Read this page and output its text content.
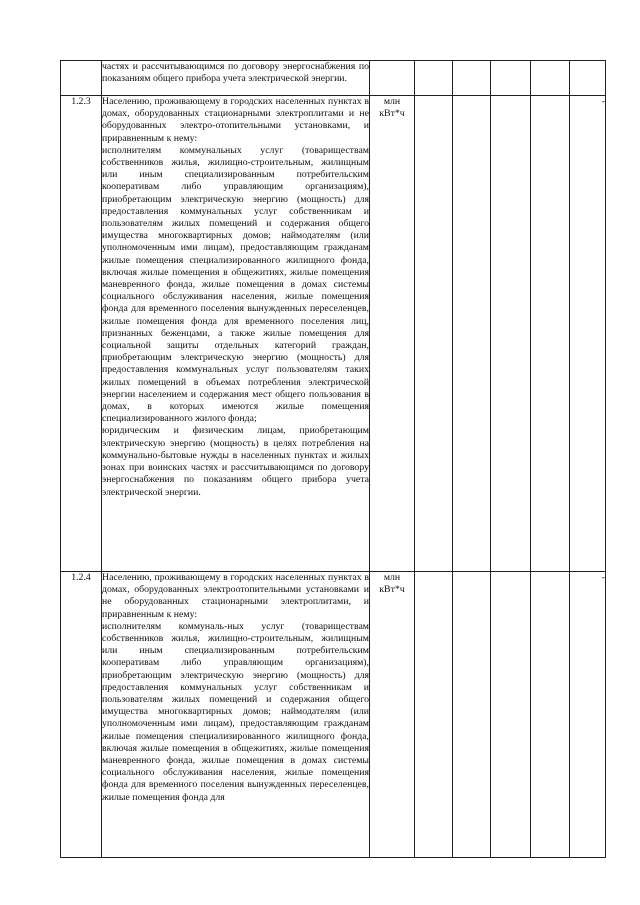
	частях и рассчитывающимся по договору энергоснабжения по показаниям общего прибора учета электрической энергии.						

1.2.3	Населению, проживающему в городских населенных пунктах в домах, оборудованных стационарными электроплитами и не оборудованных электро-отопительными установками, и приравненным к нему:
исполнителям коммунальных услуг (товариществам собственников жилья, жилищно-строительным, жилищным или иным специализированным потребительским кооперативам либо управляющим организациям), приобретающим электрическую энергию (мощность) для предоставления коммунальных услуг собственникам и пользователям жилых помещений и содержания общего имущества многоквартирных домов; наймодателям (или уполномоченным ими лицам), предоставляющим гражданам жилые помещения специализированного жилищного фонда, включая жилые помещения в общежитиях, жилые помещения маневренного фонда, жилые помещения в домах системы социального обслуживания населения, жилые помещения фонда для временного поселения вынужденных переселенцев, жилые помещения фонда для временного поселения лиц, признанных беженцами, а также жилые помещения для социальной защиты отдельных категорий граждан, приобретающим электрическую энергию (мощность) для предоставления коммунальных услуг пользователям таких жилых помещений в объемах потребления электрической энергии населением и содержания мест общего пользования в домах, в которых имеются жилые помещения специализированного жилого фонда;
юридическим и физическим лицам, приобретающим электрическую энергию (мощность) в целях потребления на коммунально-бытовые нужды в населенных пунктах и жилых зонах при воинских частях и рассчитывающимся по договору энергоснабжения по показаниям общего прибора учета электрической энергии.	млн кВт*ч					-
1.2.4	Населению, проживающему в городских населенных пунктах в домах, оборудованных электроотопительными установками и не оборудованных стационарными электроплитами, и приравненным к нему:
исполнителям коммуналь-ных услуг (товариществам собственников жилья, жилищно-строительным, жилищным или иным специализированным потребительским кооперативам либо управляющим организациям), приобретающим электрическую энергию (мощность) для предоставления коммунальных услуг собственникам и пользователям жилых помещений и содержания общего имущества многоквартирных домов; наймодателям (или уполномоченным ими лицам), предоставляющим гражданам жилые помещения специализированного жилищного фонда, включая жилые помещения в общежитиях, жилые помещения маневренного фонда, жилые помещения в домах системы социального обслуживания населения, жилые помещения фонда для временного поселения вынужденных переселенцев, жилые помещения фонда для	млн кВт*ч					-
